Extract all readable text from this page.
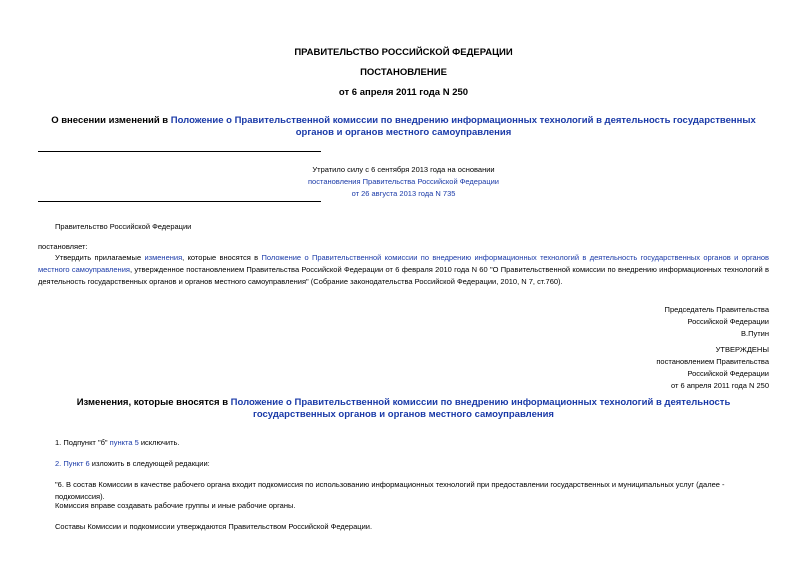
ПРАВИТЕЛЬСТВО РОССИЙСКОЙ ФЕДЕРАЦИИ
ПОСТАНОВЛЕНИЕ
от 6 апреля 2011 года N 250
О внесении изменений в Положение о Правительственной комиссии по внедрению информационных технологий в деятельность государственных органов и органов местного самоуправления
Утратило силу с 6 сентября 2013 года на основании
постановления Правительства Российской Федерации
от 26 августа 2013 года N 735
Правительство Российской Федерации
постановляет:
Утвердить прилагаемые изменения, которые вносятся в Положение о Правительственной комиссии по внедрению информационных технологий в деятельность государственных органов и органов местного самоуправления, утвержденное постановлением Правительства Российской Федерации от 6 февраля 2010 года N 60 "О Правительственной комиссии по внедрению информационных технологий в деятельность государственных органов и органов местного самоуправления" (Собрание законодательства Российской Федерации, 2010, N 7, ст.760).
Председатель Правительства
Российской Федерации
В.Путин
УТВЕРЖДЕНЫ
постановлением Правительства
Российской Федерации
от 6 апреля 2011 года N 250
Изменения, которые вносятся в Положение о Правительственной комиссии по внедрению информационных технологий в деятельность государственных органов и органов местного самоуправления
1. Подпункт "б" пункта 5 исключить.
2. Пункт 6 изложить в следующей редакции:
"6. В состав Комиссии в качестве рабочего органа входит подкомиссия по использованию информационных технологий при предоставлении государственных и муниципальных услуг (далее - подкомиссия).
Комиссия вправе создавать рабочие группы и иные рабочие органы.
Составы Комиссии и подкомиссии утверждаются Правительством Российской Федерации.
